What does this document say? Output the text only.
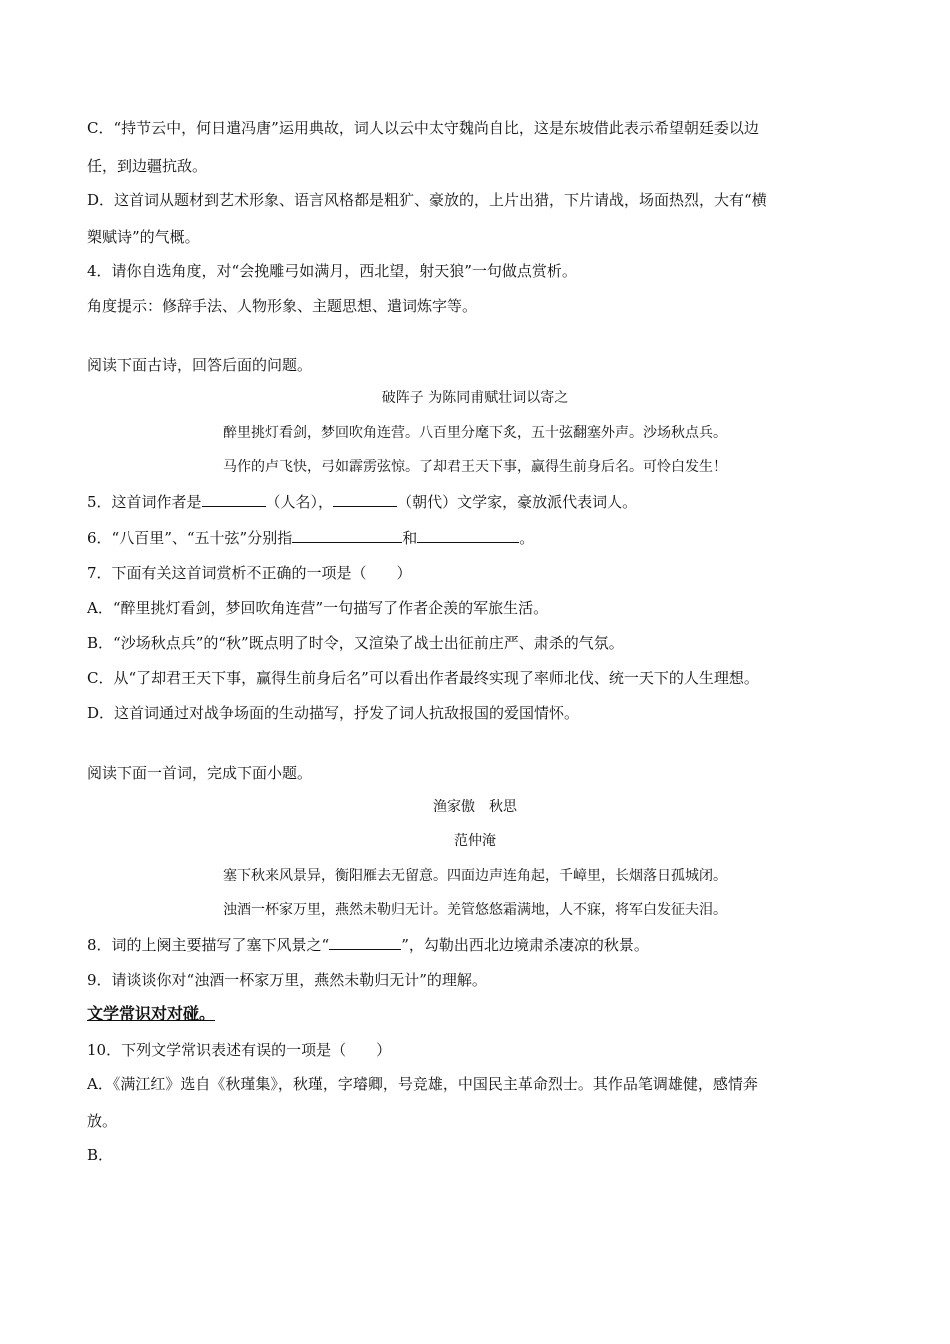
C．“持节云中，何日遣冯唐”运用典故，词人以云中太守魏尚自比，这是东坡借此表示希望朝廷委以边
任，到边疆抗敌。
D．这首词从题材到艺术形象、语言风格都是粗犷、豪放的，上片出猎，下片请战，场面热烈，大有“横
槊赋诗”的气概。
4．请你自选角度，对“会挽雕弓如满月，西北望，射天狼”一句做点赏析。
角度提示：修辞手法、人物形象、主题思想、遣词炼字等。
阅读下面古诗，回答后面的问题。
破阵子 为陈同甫赋壮词以寄之
醉里挑灯看剑，梦回吹角连营。八百里分麾下炙，五十弦翻塞外声。沙场秋点兵。
马作的卢飞快，弓如霹雳弦惊。了却君王天下事，赢得生前身后名。可怜白发生！
5．这首词作者是	（人名），	（朝代）文学家，豪放派代表词人。
6．“八百里”、“五十弦”分别指	和	。
7．下面有关这首词赏析不正确的一项是（　　）
A．“醉里挑灯看剑，梦回吹角连营”一句描写了作者企羡的军旅生活。
B．“沙场秋点兵”的“秋”既点明了时令，又渲染了战士出征前庄严、肃杀的气氛。
C．从“了却君王天下事，赢得生前身后名”可以看出作者最终实现了率师北伐、统一天下的人生理想。
D．这首词通过对战争场面的生动描写，抒发了词人抗敌报国的爱国情怀。
阅读下面一首词，完成下面小题。
渔家傲　秋思
范仲淹
塞下秋来风景异，衡阳雁去无留意。四面边声连角起，千嶂里，长烟落日孤城闭。
浊酒一杯家万里，燕然未勒归无计。羌管悠悠霜满地，人不寐，将军白发征夫泪。
8．词的上阕主要描写了塞下风景之“	”，勾勒出西北边境肃杀凄凉的秋景。
9．请谈谈你对“浊酒一杯家万里，燕然未勒归无计”的理解。
文学常识对对碰。
10．下列文学常识表述有误的一项是（　　）
A．《满江红》选自《秋瑾集》，秋瑾，字璿卿，号竞雄，中国民主革命烈士。其作品笔调雄健，感情奔
放。
B．
